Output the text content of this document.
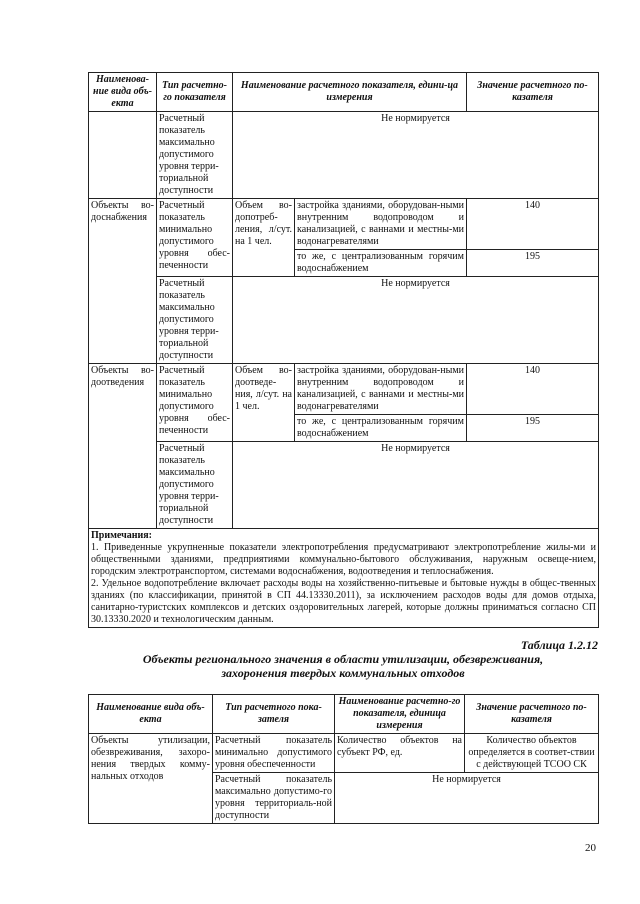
Наименова-ние вида объ-екта	Тип расчетно-го показателя	Наименование расчетного показателя, едини-ца измерения		Значение расчетного по-казателя
	Расчетный показатель максимально допустимого уровня терри-ториальной доступности	Не нормируется		
Объекты во-доснабжения	Расчетный показатель минимально допустимого уровня обес-печенности	Объем во-допотреб-ления, л/сут. на 1 чел.	застройка зданиями, оборудован-ными внутренним водопроводом и канализацией, с ваннами и местны-ми водонагревателями	140
			то же, с централизованным горячим водоснабжением	195
	Расчетный показатель максимально допустимого уровня терри-ториальной доступности	Не нормируется		
Объекты во-доотведения	Расчетный показатель минимально допустимого уровня обес-печенности	Объем во-доотведе-ния, л/сут. на 1 чел.	застройка зданиями, оборудован-ными внутренним водопроводом и канализацией, с ваннами и местны-ми водонагревателями	140
			то же, с централизованным горячим водоснабжением	195
	Расчетный показатель максимально допустимого уровня терри-ториальной доступности	Не нормируется		

Примечания:
1. Приведенные укрупненные показатели электропотребления предусматривают электропотребление жилы-ми и общественными зданиями, предприятиями коммунально-бытового обслуживания, наружным освеще-нием, городским электротранспортом, системами водоснабжения, водоотведения и теплоснабжения.
2. Удельное водопотребление включает расходы воды на хозяйственно-питьевые и бытовые нужды в общес-твенных зданиях (по классификации, принятой в СП 44.13330.2011), за исключением расходов воды для домов отдыха, санитарно-туристских комплексов и детских оздоровительных лагерей, которые должны приниматься согласно СП 30.13330.2020 и технологическим данным.				
Таблица 1.2.12
Объекты регионального значения в области утилизации, обезвреживания,
захоронения твердых коммунальных отходов
Наименование вида объ-екта	Тип расчетного пока-зателя	Наименование расчетно-го показателя, единица измерения	Значение расчетного по-казателя
Объекты утилизации, обезвреживания, захоро-нения твердых комму-нальных отходов	Расчетный показатель минимально допустимого уровня обеспеченности	Количество объектов на субъект РФ, ед.	Количество объектов определяется в соответ-ствии с действующей ТСОО СК
	Расчетный показатель максимально допустимо-го уровня территориаль-ной доступности	Не нормируется	
20
